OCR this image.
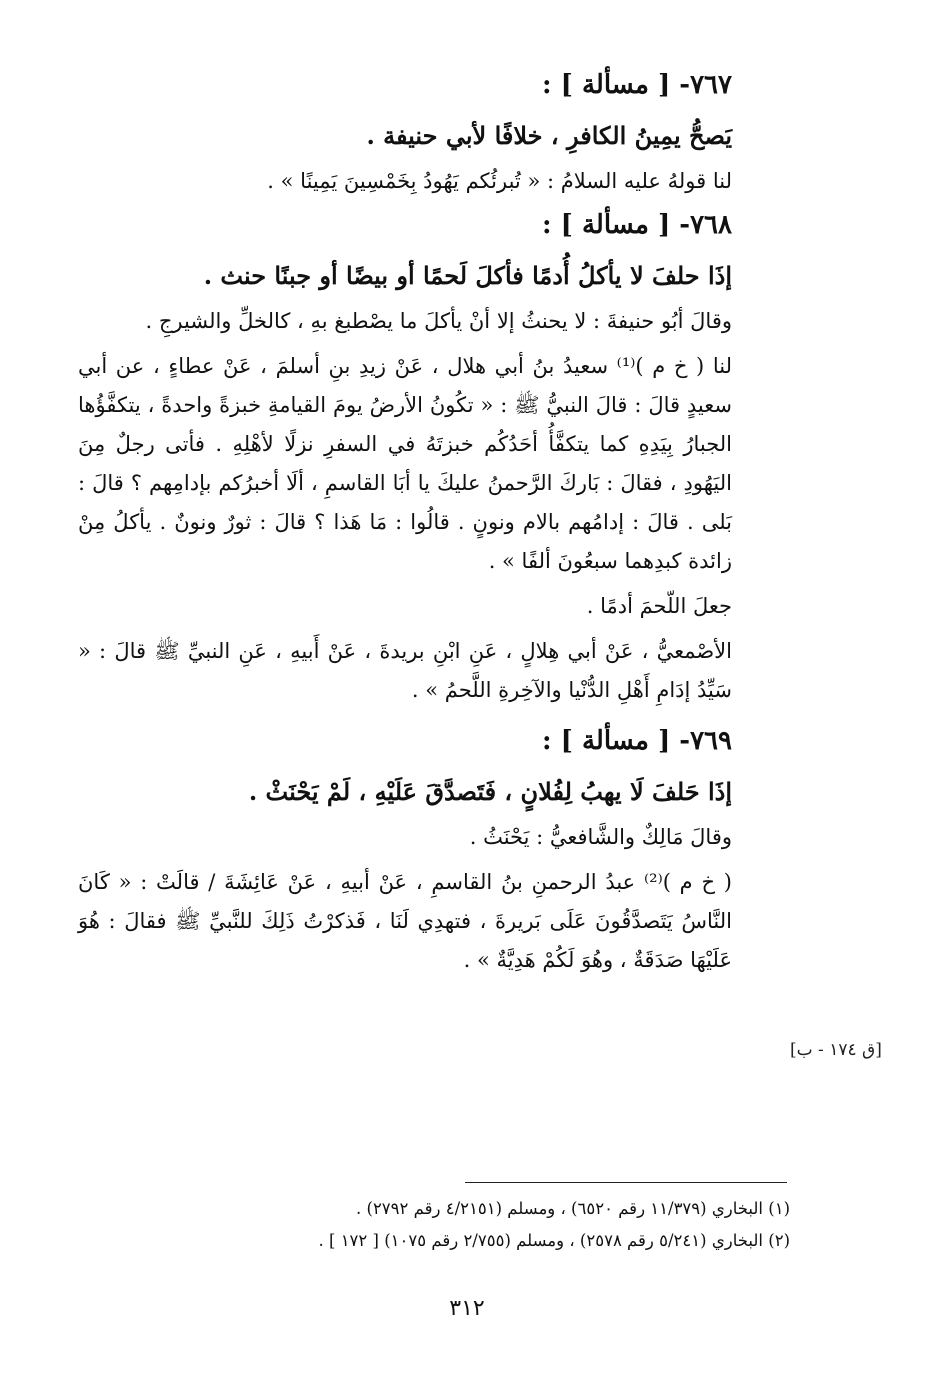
٧٦٧- [ مسألة ] :

يَصحُّ يمِينُ الكافرِ ، خلافًا لأبي حنيفة .

لنا قولهُ عليه السلامُ : « تُبرئُكم يَهُودُ بِخَمْسِينَ يَمِينًا » .

٧٦٨- [ مسألة ] :

إذَا حلفَ لا يأكلُ أُدمًا فأكلَ لَحمًا أو بيضًا أو جبنًا حنث .

وقالَ أبُو حنيفةَ : لا يحنثُ إلا أنْ يأكلَ ما يصْطبغ بهِ ، كالخلِّ والشيرجِ .

لنا ( خ م )⁽¹⁾ سعيدُ بنُ أبي هلال ، عَنْ زيدِ بنِ أسلمَ ، عَنْ عطاءٍ ، عن أبي سعيدٍ قالَ : قالَ النبيُّ ﷺ : « تكُونُ الأرضُ يومَ القيامةِ خبزةً واحدةً ، يتكفَّؤُها الجبارُ بِيَدِهِ كما يتكفَّأُ أحَدُكُم خبزتَهُ في السفرِ نزلًا لأهْلِهِ . فأتى رجلٌ مِنَ اليَهُودِ ، فقالَ : بَاركَ الرَّحمنُ عليكَ يا أبَا القاسمِ ، ألَا أخبرُكم بإدامِهم ؟ قالَ : بَلى . قالَ : إدامُهم بالام ونونٍ . قالُوا : مَا هَذا ؟ قالَ : ثورٌ ونونٌ . يأكلُ مِنْ زائدة كبدِهما سبعُونَ ألفًا » .

جعلَ اللّحمَ أدمًا .

الأصْمعيُّ ، عَنْ أبي هِلالٍ ، عَنِ ابْنِ بريدةَ ، عَنْ أَبيهِ ، عَنِ النبيِّ ﷺ قالَ : « سَيِّدُ إدَامِ أَهْلِ الدُّنْيا والآخِرةِ اللَّحمُ » .

٧٦٩- [ مسألة ] :

إذَا حَلفَ لَا يهبُ لِفُلانٍ ، فَتَصدَّقَ عَلَيْهِ ، لَمْ يَحْنَثْ .

وقالَ مَالِكٌ والشَّافعيُّ : يَحْنَثُ .

( خ م )⁽²⁾ عبدُ الرحمنِ بنُ القاسمِ ، عَنْ أبيهِ ، عَنْ عَائِشَةَ / قالَتْ : « كَانَ النَّاسُ يَتَصدَّقُونَ عَلَى بَريرةَ ، فتهدِي لَنَا ، فَذكرْتُ ذَلِكَ للنَّبيِّ ﷺ فقالَ : هُوَ عَلَيْهَا صَدَقَةٌ ، وهُوَ لَكُمْ هَدِيَّةٌ » .

[ق ١٧٤ - ب]

(١) البخاري (١١/٣٧٩ رقم ٦٥٢٠) ، ومسلم (٤/٢١٥١ رقم ٢٧٩٢) .

(٢) البخاري (٥/٢٤١ رقم ٢٥٧٨) ، ومسلم (٢/٧٥٥ رقم ١٠٧٥) [ ١٧٢ ] .

٣١٢
